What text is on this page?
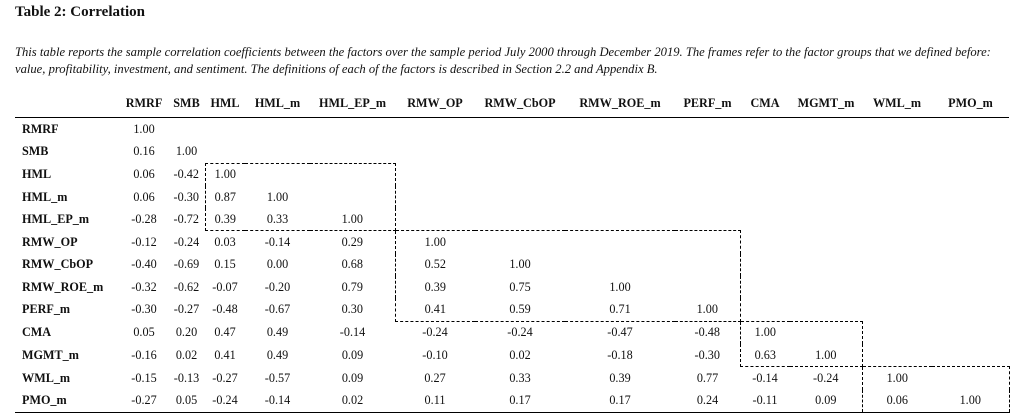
Table 2: Correlation
This table reports the sample correlation coefficients between the factors over the sample period July 2000 through December 2019. The frames refer to the factor groups that we defined before: value, profitability, investment, and sentiment. The definitions of each of the factors is described in Section 2.2 and Appendix B.
	RMRF	SMB	HML	HML_m	HML_EP_m	RMW_OP	RMW_CbOP	RMW_ROE_m	PERF_m	CMA	MGMT_m	WML_m	PMO_m
RMRF	1.00												
SMB	0.16	1.00											
HML	0.06	-0.42	1.00										
HML_m	0.06	-0.30	0.87	1.00									
HML_EP_m	-0.28	-0.72	0.39	0.33	1.00								
RMW_OP	-0.12	-0.24	0.03	-0.14	0.29	1.00							
RMW_CbOP	-0.40	-0.69	0.15	0.00	0.68	0.52	1.00						
RMW_ROE_m	-0.32	-0.62	-0.07	-0.20	0.79	0.39	0.75	1.00					
PERF_m	-0.30	-0.27	-0.48	-0.67	0.30	0.41	0.59	0.71	1.00				
CMA	0.05	0.20	0.47	0.49	-0.14	-0.24	-0.24	-0.47	-0.48	1.00			
MGMT_m	-0.16	0.02	0.41	0.49	0.09	-0.10	0.02	-0.18	-0.30	0.63	1.00		
WML_m	-0.15	-0.13	-0.27	-0.57	0.09	0.27	0.33	0.39	0.77	-0.14	-0.24	1.00	
PMO_m	-0.27	0.05	-0.24	-0.14	0.02	0.11	0.17	0.17	0.24	-0.11	0.09	0.06	1.00
